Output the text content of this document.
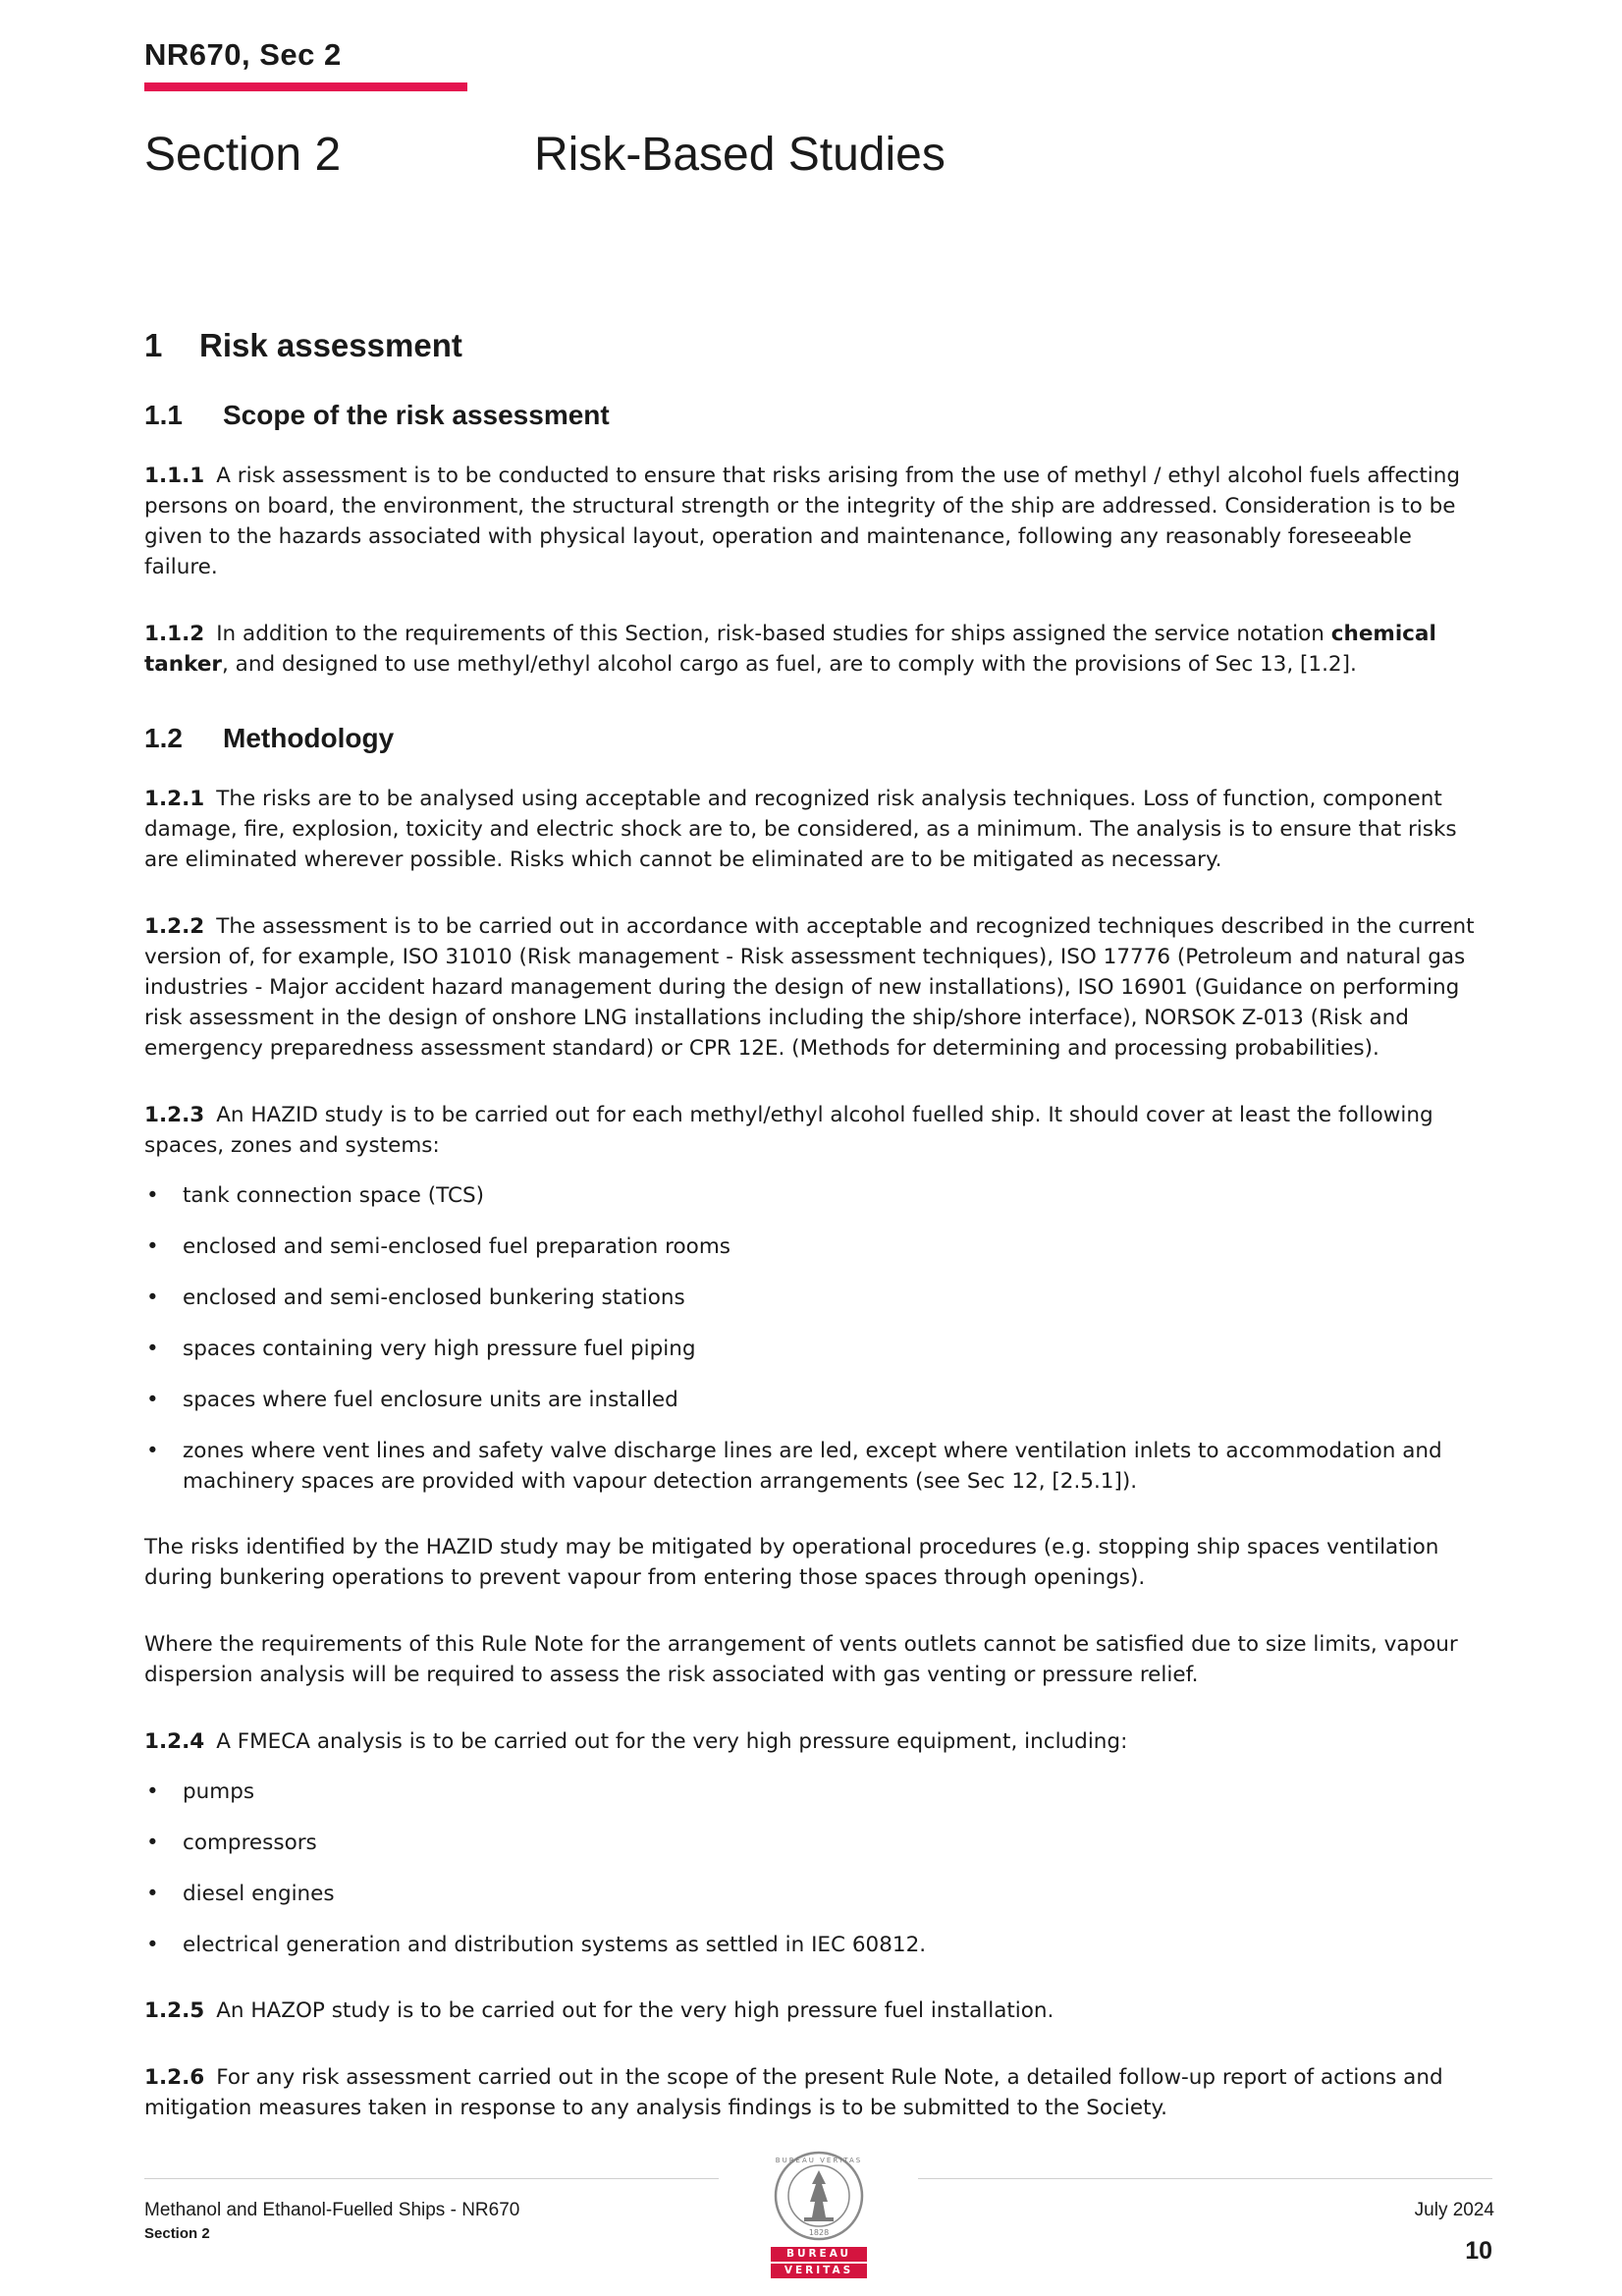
NR670, Sec 2
Section 2	Risk-Based Studies
1	Risk assessment
1.1	Scope of the risk assessment

1.1.1 A risk assessment is to be conducted to ensure that risks arising from the use of methyl / ethyl alcohol fuels affecting persons on board, the environment, the structural strength or the integrity of the ship are addressed. Consideration is to be given to the hazards associated with physical layout, operation and maintenance, following any reasonably foreseeable failure.

1.1.2 In addition to the requirements of this Section, risk-based studies for ships assigned the service notation chemical tanker, and designed to use methyl/ethyl alcohol cargo as fuel, are to comply with the provisions of Sec 13, [1.2].

1.2	Methodology

1.2.1 The risks are to be analysed using acceptable and recognized risk analysis techniques. Loss of function, component damage, fire, explosion, toxicity and electric shock are to, be considered, as a minimum. The analysis is to ensure that risks are eliminated wherever possible. Risks which cannot be eliminated are to be mitigated as necessary.

1.2.2 The assessment is to be carried out in accordance with acceptable and recognized techniques described in the current version of, for example, ISO 31010 (Risk management - Risk assessment techniques), ISO 17776 (Petroleum and natural gas industries - Major accident hazard management during the design of new installations), ISO 16901 (Guidance on performing risk assessment in the design of onshore LNG installations including the ship/shore interface), NORSOK Z-013 (Risk and emergency preparedness assessment standard) or CPR 12E. (Methods for determining and processing probabilities).

1.2.3 An HAZID study is to be carried out for each methyl/ethyl alcohol fuelled ship. It should cover at least the following spaces, zones and systems:

• tank connection space (TCS)
• enclosed and semi-enclosed fuel preparation rooms
• enclosed and semi-enclosed bunkering stations
• spaces containing very high pressure fuel piping
• spaces where fuel enclosure units are installed
• zones where vent lines and safety valve discharge lines are led, except where ventilation inlets to accommodation and machinery spaces are provided with vapour detection arrangements (see Sec 12, [2.5.1]).

The risks identified by the HAZID study may be mitigated by operational procedures (e.g. stopping ship spaces ventilation during bunkering operations to prevent vapour from entering those spaces through openings).

Where the requirements of this Rule Note for the arrangement of vents outlets cannot be satisfied due to size limits, vapour dispersion analysis will be required to assess the risk associated with gas venting or pressure relief.

1.2.4 A FMECA analysis is to be carried out for the very high pressure equipment, including:

• pumps
• compressors
• diesel engines
• electrical generation and distribution systems as settled in IEC 60812.

1.2.5 An HAZOP study is to be carried out for the very high pressure fuel installation.

1.2.6 For any risk assessment carried out in the scope of the present Rule Note, a detailed follow-up report of actions and mitigation measures taken in response to any analysis findings is to be submitted to the Society.

Methanol and Ethanol-Fuelled Ships - NR670
Section 2
July 2024
10
1828
BUREAU VERITAS
BUREAU
VERITAS
